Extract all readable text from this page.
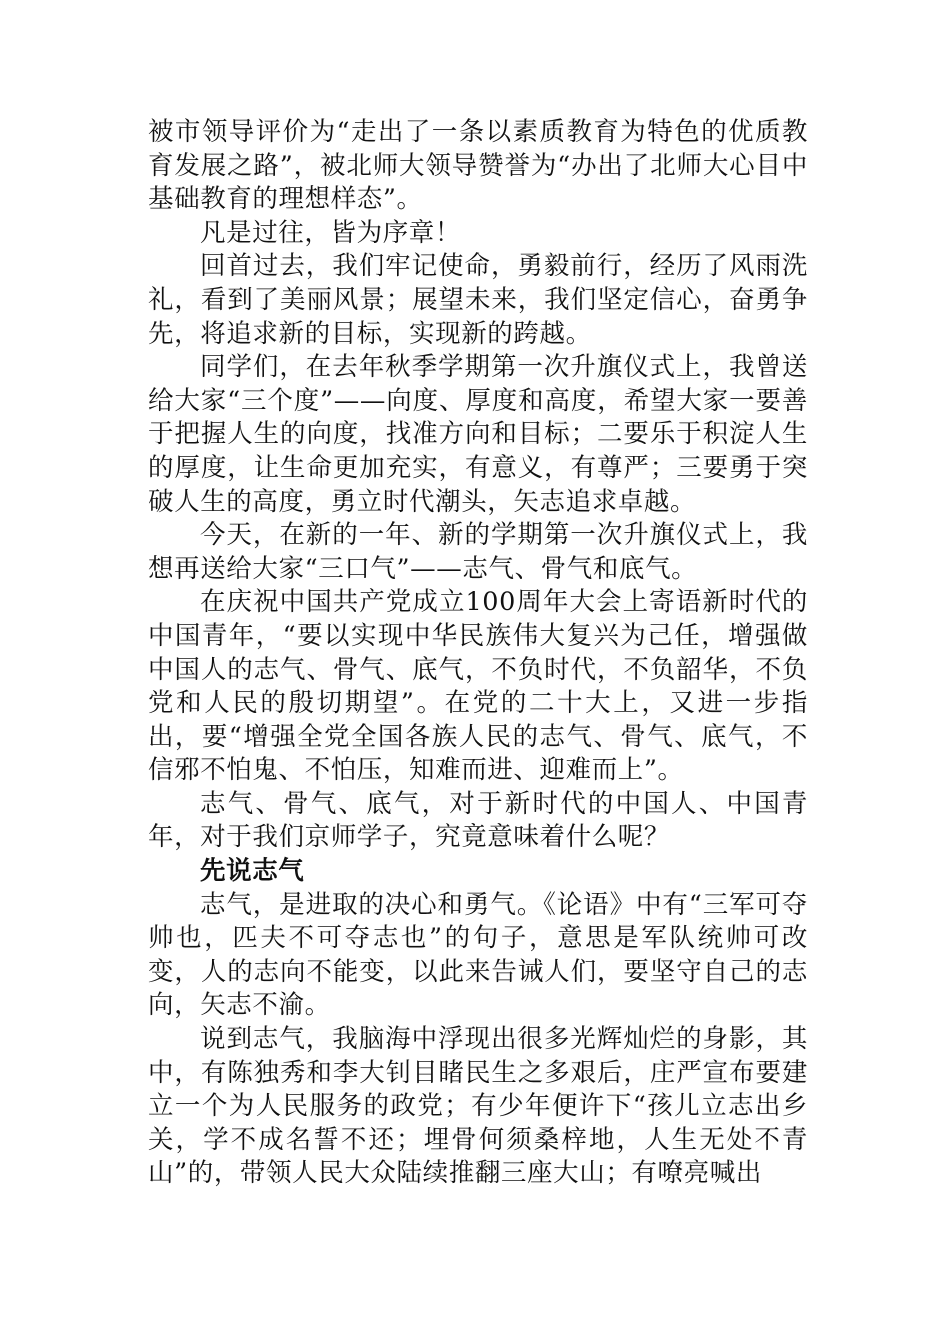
被市领导评价为“走出了一条以素质教育为特色的优质教育发展之路”，被北师大领导赞誉为“办出了北师大心目中基础教育的理想样态”。

凡是过往，皆为序章！

回首过去，我们牢记使命，勇毅前行，经历了风雨洗礼，看到了美丽风景；展望未来，我们坚定信心，奋勇争先，将追求新的目标，实现新的跨越。

同学们，在去年秋季学期第一次升旗仪式上，我曾送给大家“三个度”——向度、厚度和高度，希望大家一要善于把握人生的向度，找准方向和目标；二要乐于积淀人生的厚度，让生命更加充实，有意义，有尊严；三要勇于突破人生的高度，勇立时代潮头，矢志追求卓越。

今天，在新的一年、新的学期第一次升旗仪式上，我想再送给大家“三口气”——志气、骨气和底气。

在庆祝中国共产党成立100周年大会上寄语新时代的中国青年，“要以实现中华民族伟大复兴为己任，增强做中国人的志气、骨气、底气，不负时代，不负韶华，不负党和人民的殷切期望”。在党的二十大上，又进一步指出，要“增强全党全国各族人民的志气、骨气、底气，不信邪不怕鬼、不怕压，知难而进、迎难而上”。

志气、骨气、底气，对于新时代的中国人、中国青年，对于我们京师学子，究竟意味着什么呢？

先说志气

志气，是进取的决心和勇气。《论语》中有“三军可夺帅也，匹夫不可夺志也”的句子，意思是军队统帅可改变，人的志向不能变，以此来告诫人们，要坚守自己的志向，矢志不渝。

说到志气，我脑海中浮现出很多光辉灿烂的身影，其中，有陈独秀和李大钊目睹民生之多艰后，庄严宣布要建立一个为人民服务的政党；有少年便许下“孩儿立志出乡关，学不成名誓不还；埋骨何须桑梓地，人生无处不青山”的，带领人民大众陆续推翻三座大山；有嘹亮喊出
